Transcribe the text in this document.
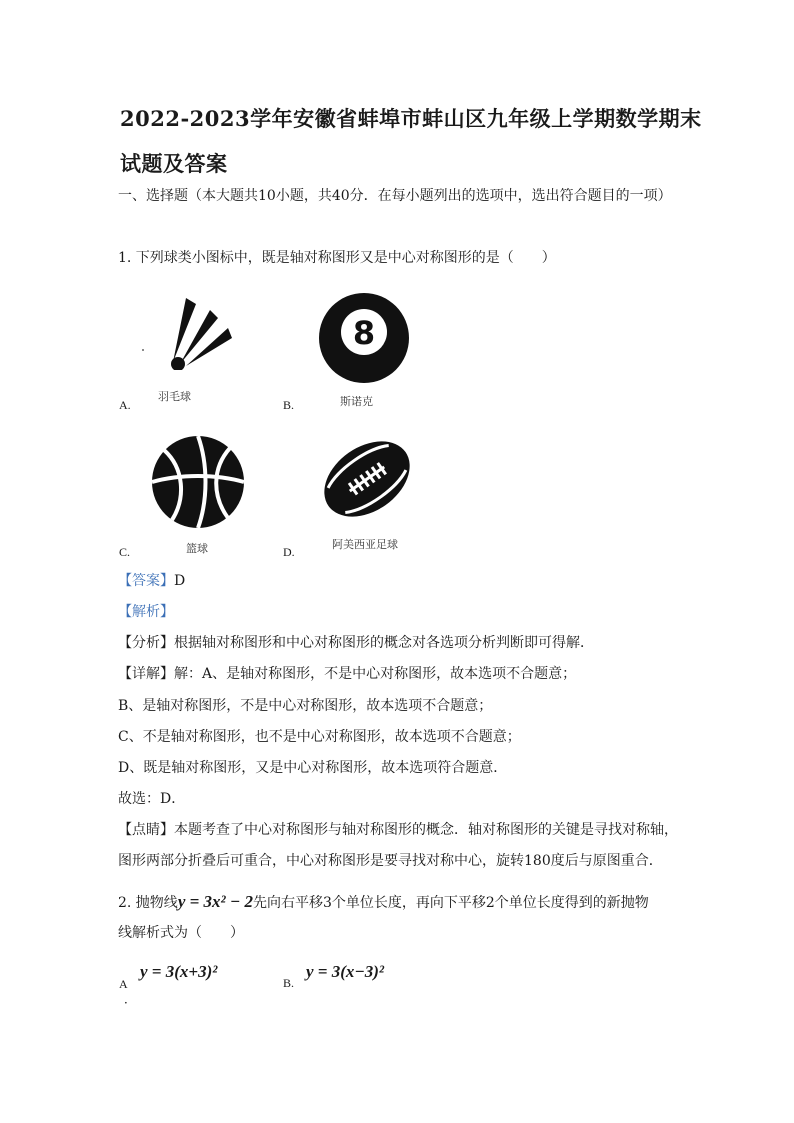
2022-2023学年安徽省蚌埠市蚌山区九年级上学期数学期末
试题及答案
一、选择题（本大题共10小题，共40分．在每小题列出的选项中，选出符合题目的一项）
1. 下列球类小图标中，既是轴对称图形又是中心对称图形的是（　　）
羽毛球
A.
8
斯诺克
B.
篮球
C.
阿美西亚足球
D.
【答案】D
【解析】
【分析】根据轴对称图形和中心对称图形的概念对各选项分析判断即可得解．
【详解】解：A、是轴对称图形，不是中心对称图形，故本选项不合题意；
B、是轴对称图形，不是中心对称图形，故本选项不合题意；
C、不是轴对称图形，也不是中心对称图形，故本选项不合题意；
D、既是轴对称图形，又是中心对称图形，故本选项符合题意．
故选：D．
【点睛】本题考查了中心对称图形与轴对称图形的概念．轴对称图形的关键是寻找对称轴，
图形两部分折叠后可重合，中心对称图形是要寻找对称中心，旋转180度后与原图重合．
2. 抛物线y = 3x² − 2先向右平移3个单位长度，再向下平移2个单位长度得到的新抛物
线解析式为（　　）
A
．
y = 3(x+3)²
B.
y = 3(x−3)²
